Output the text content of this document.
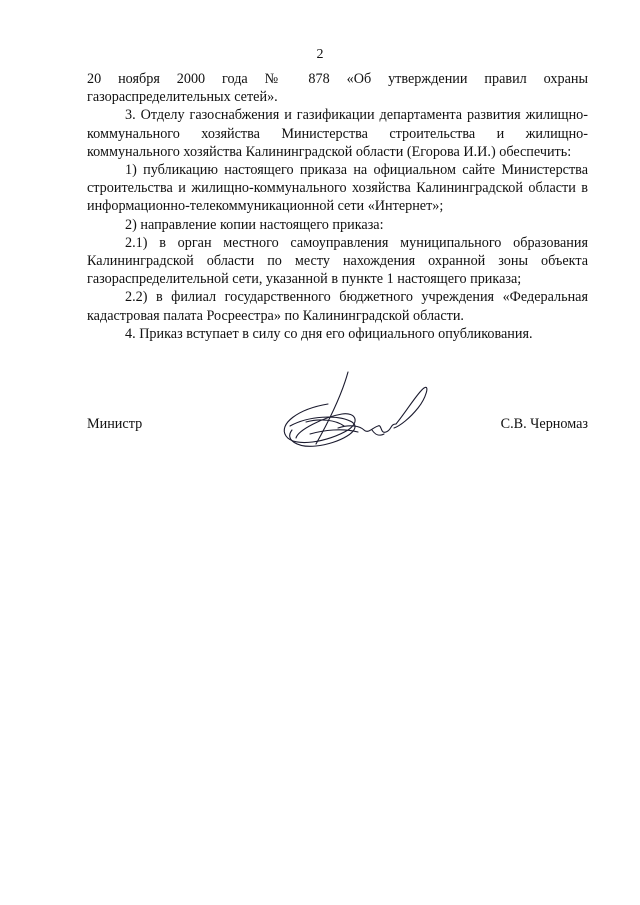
2

20 ноября 2000 года № 878 «Об утверждении правил охраны газораспределительных сетей».

3. Отделу газоснабжения и газификации департамента развития жилищно-коммунального хозяйства Министерства строительства и жилищно-коммунального хозяйства Калининградской области (Егорова И.И.) обеспечить:

1) публикацию настоящего приказа на официальном сайте Министерства строительства и жилищно-коммунального хозяйства Калининградской области в информационно-телекоммуникационной сети «Интернет»;

2) направление копии настоящего приказа:

2.1) в орган местного самоуправления муниципального образования Калининградской области по месту нахождения охранной зоны объекта газораспределительной сети, указанной в пункте 1 настоящего приказа;

2.2) в филиал государственного бюджетного учреждения «Федеральная кадастровая палата Росреестра» по Калининградской области.

4. Приказ вступает в силу со дня его официального опубликования.

Министр	С.В. Черномаз
